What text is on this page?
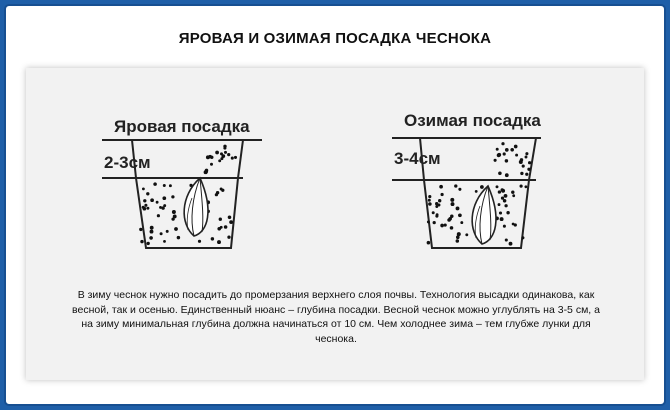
ЯРОВАЯ И ОЗИМАЯ ПОСАДКА ЧЕСНОКА
Яровая посадка
2-3см
Озимая посадка
3-4см

В зиму чеснок нужно посадить до промерзания верхнего слоя почвы. Технология высадки одинакова, как весной, так и осенью. Единственный нюанс – глубина посадки. Весной чеснок можно углублять на 3-5 см, а на зиму минимальная глубина должна начинаться от 10 см. Чем холоднее зима – тем глубже лунки для чеснока.
